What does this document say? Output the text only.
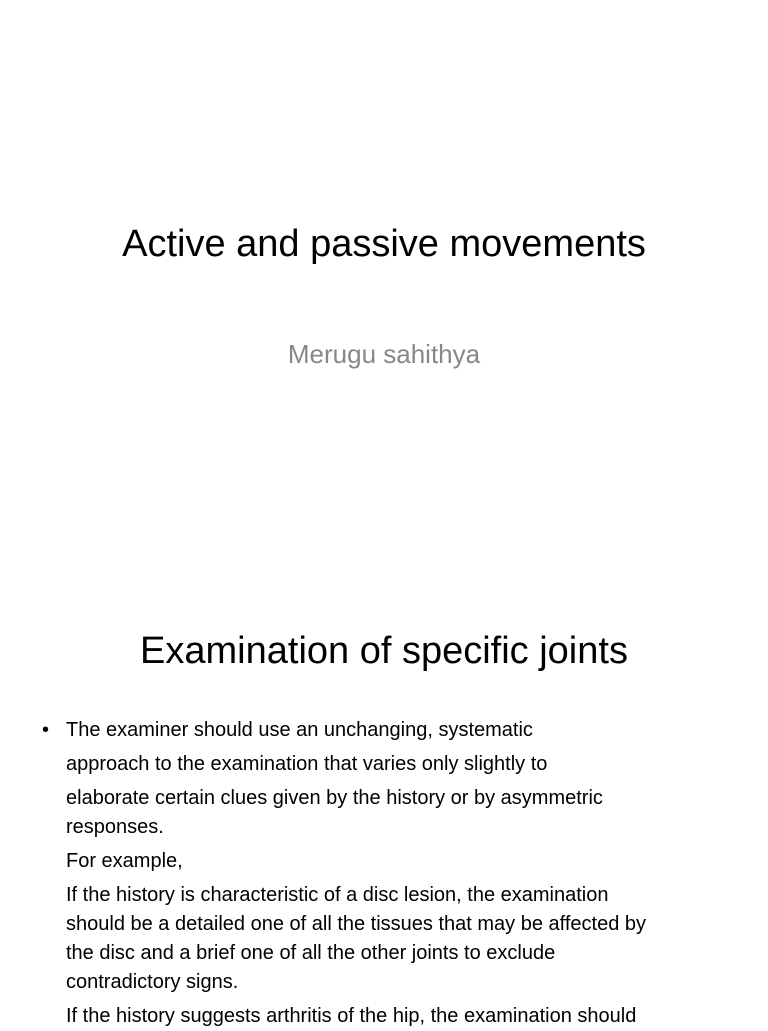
Active and passive movements
Merugu sahithya
Examination of specific joints
• The examiner should use an unchanging, systematic
approach to the examination that varies only slightly to
elaborate certain clues given by the history or by asymmetric
responses.
For example,
If the history is characteristic of a disc lesion, the examination
should be a detailed one of all the tissues that may be affected by
the disc and a brief one of all the other joints to exclude
contradictory signs.
If the history suggests arthritis of the hip, the examination should
